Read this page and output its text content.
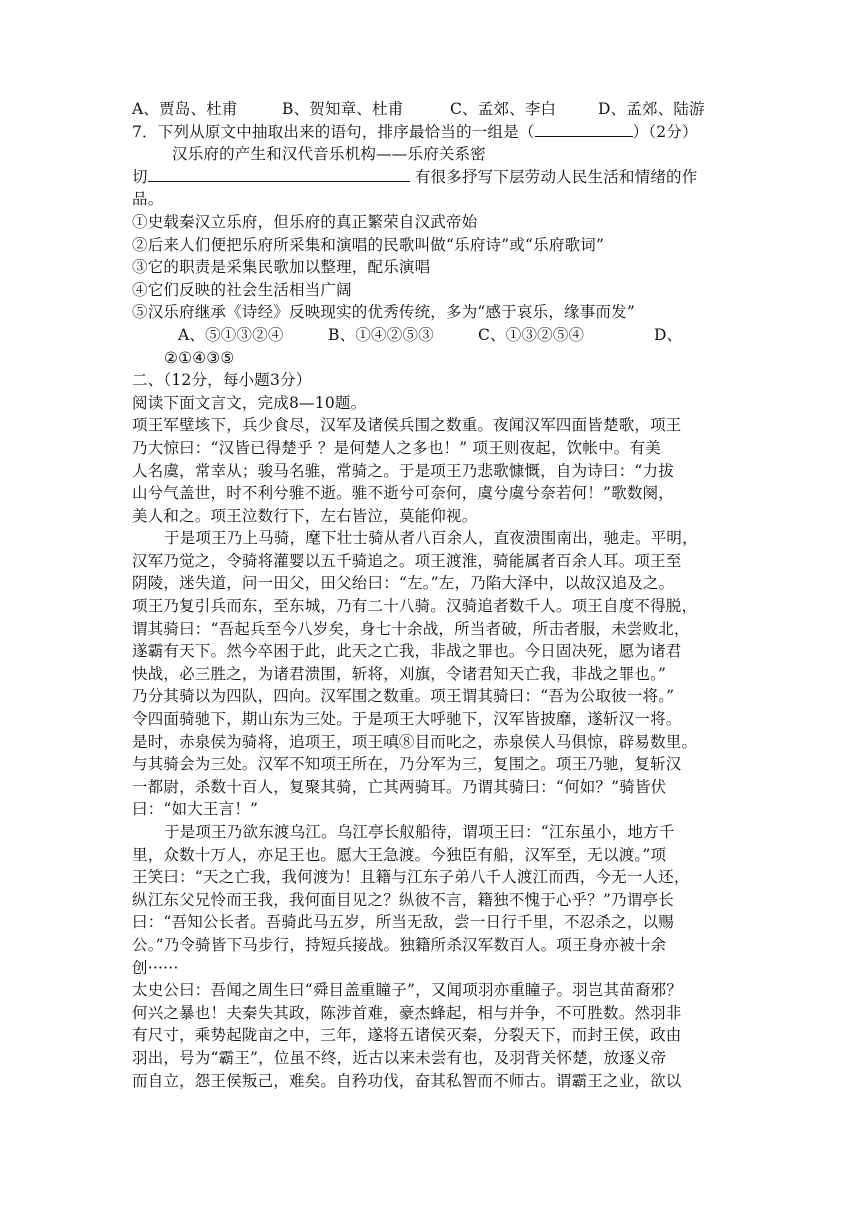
A、贾岛、杜甫	B、贺知章、杜甫	C、孟郊、李白	D、孟郊、陆游
7．下列从原文中抽取出来的语句，排序最恰当的一组是（	）（2分）
汉乐府的产生和汉代音乐机构——乐府关系密
切	有很多抒写下层劳动人民生活和情绪的作
品。
①史载秦汉立乐府，但乐府的真正繁荣自汉武帝始
②后来人们便把乐府所采集和演唱的民歌叫做“乐府诗”或“乐府歌词”
③它的职责是采集民歌加以整理，配乐演唱
④它们反映的社会生活相当广阔
⑤汉乐府继承《诗经》反映现实的优秀传统，多为“感于哀乐，缘事而发”
A、⑤①③②④	B、①④②⑤③	C、①③②⑤④	D、
②①④③⑤
二、（12分，每小题3分）
阅读下面文言文，完成8—10题。
项王军壁垓下，兵少食尽，汉军及诸侯兵围之数重。夜闻汉军四面皆楚歌，项王
乃大惊曰：“汉皆已得楚乎 ？是何楚人之多也！” 项王则夜起，饮帐中。有美
人名虞，常幸从；骏马名骓，常骑之。于是项王乃悲歌慷慨，自为诗曰：“力拔
山兮气盖世，时不利兮骓不逝。骓不逝兮可奈何，虞兮虞兮奈若何！”歌数阕，
美人和之。项王泣数行下，左右皆泣，莫能仰视。
于是项王乃上马骑，麾下壮士骑从者八百余人，直夜溃围南出，驰走。平明，
汉军乃觉之，令骑将灌婴以五千骑追之。项王渡淮，骑能属者百余人耳。项王至
阴陵，迷失道，问一田父，田父绐曰：“左。”左，乃陷大泽中，以故汉追及之。
项王乃复引兵而东，至东城，乃有二十八骑。汉骑追者数千人。项王自度不得脱，
谓其骑曰：“吾起兵至今八岁矣，身七十余战，所当者破，所击者服，未尝败北，
遂霸有天下。然今卒困于此，此天之亡我，非战之罪也。今日固决死，愿为诸君
快战，必三胜之，为诸君溃围，斩将，刈旗，令诸君知天亡我，非战之罪也。”
乃分其骑以为四队，四向。汉军围之数重。项王谓其骑曰：“吾为公取彼一将。”
令四面骑驰下，期山东为三处。于是项王大呼驰下，汉军皆披靡，遂斩汉一将。
是时，赤泉侯为骑将，追项王，项王嗔⑧目而叱之，赤泉侯人马俱惊，辟易数里。
与其骑会为三处。汉军不知项王所在，乃分军为三，复围之。项王乃驰，复斩汉
一都尉，杀数十百人，复聚其骑，亡其两骑耳。乃谓其骑曰：“何如？”骑皆伏
曰：“如大王言！”
于是项王乃欲东渡乌江。乌江亭长舣船待，谓项王曰：“江东虽小，地方千
里，众数十万人，亦足王也。愿大王急渡。今独臣有船，汉军至，无以渡。”项
王笑曰：“天之亡我，我何渡为！且籍与江东子弟八千人渡江而西，今无一人还，
纵江东父兄怜而王我，我何面目见之？纵彼不言，籍独不愧于心乎？”乃谓亭长
曰：“吾知公长者。吾骑此马五岁，所当无敌，尝一日行千里，不忍杀之，以赐
公。”乃令骑皆下马步行，持短兵接战。独籍所杀汉军数百人。项王身亦被十余
创······
太史公曰：吾闻之周生曰“舜目盖重瞳子”，又闻项羽亦重瞳子。羽岂其苗裔邪？
何兴之暴也！夫秦失其政，陈涉首难，豪杰蜂起，相与并争，不可胜数。然羽非
有尺寸，乘势起陇亩之中，三年，遂将五诸侯灭秦，分裂天下，而封王侯，政由
羽出，号为“霸王”，位虽不终，近古以来未尝有也，及羽背关怀楚，放逐义帝
而自立，怨王侯叛己，难矣。自矜功伐，奋其私智而不师古。谓霸王之业，欲以
